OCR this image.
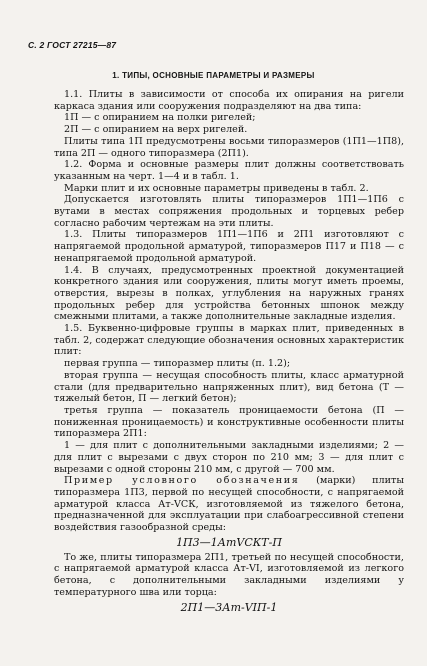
С. 2 ГОСТ 27215—87
1. ТИПЫ, ОСНОВНЫЕ ПАРАМЕТРЫ И РАЗМЕРЫ

1.1. Плиты в зависимости от способа их опирания на ригели каркаса здания или сооружения подразделяют на два типа:

1П — с опиранием на полки ригелей;

2П — с опиранием на верх ригелей.

Плиты типа 1П предусмотрены восьми типоразмеров (1П1—1П8), типа 2П — одного типоразмера (2П1).

1.2. Форма и основные размеры плит должны соответствовать указанным на черт. 1—4 и в табл. 1.

Марки плит и их основные параметры приведены в табл. 2.

Допускается изготовлять плиты типоразмеров 1П1—1П6 с вутами в местах сопряжения продольных и торцевых ребер согласно рабочим чертежам на эти плиты.

1.3. Плиты типоразмеров 1П1—1П6 и 2П1 изготовляют с напрягаемой продольной арматурой, типоразмеров П17 и П18 — с ненапрягаемой продольной арматурой.

1.4. В случаях, предусмотренных проектной документацией конкретного здания или сооружения, плиты могут иметь проемы, отверстия, вырезы в полках, углубления на наружных гранях продольных ребер для устройства бетонных шпонок между смежными плитами, а также дополнительные закладные изделия.

1.5. Буквенно-цифровые группы в марках плит, приведенных в табл. 2, содержат следующие обозначения основных характеристик плит:

первая группа — типоразмер плиты (п. 1.2);

вторая группа — несущая способность плиты, класс арматурной стали (для предварительно напряженных плит), вид бетона (Т — тяжелый бетон, П — легкий бетон);

третья группа — показатель проницаемости бетона (П — пониженная проницаемость) и конструктивные особенности плиты типоразмера 2П1:

1 — для плит с дополнительными закладными изделиями; 2 — для плит с вырезами с двух сторон по 210 мм; 3 — для плит с вырезами с одной стороны 210 мм, с другой — 700 мм.

Пример условного обозначения (марки) плиты типоразмера 1П3, первой по несущей способности, с напрягаемой арматурой класса Ат-VСК, изготовляемой из тяжелого бетона, предназначенной для эксплуатации при слабоагрессивной степени воздействия газообразной среды:

1П3—1АтVСКТ-П

То же, плиты типоразмера 2П1, третьей по несущей способности, с напрягаемой арматурой класса Ат-VI, изготовляемой из легкого бетона, с дополнительными закладными изделиями у температурного шва или торца:

2П1—3Ат-VIП-1
